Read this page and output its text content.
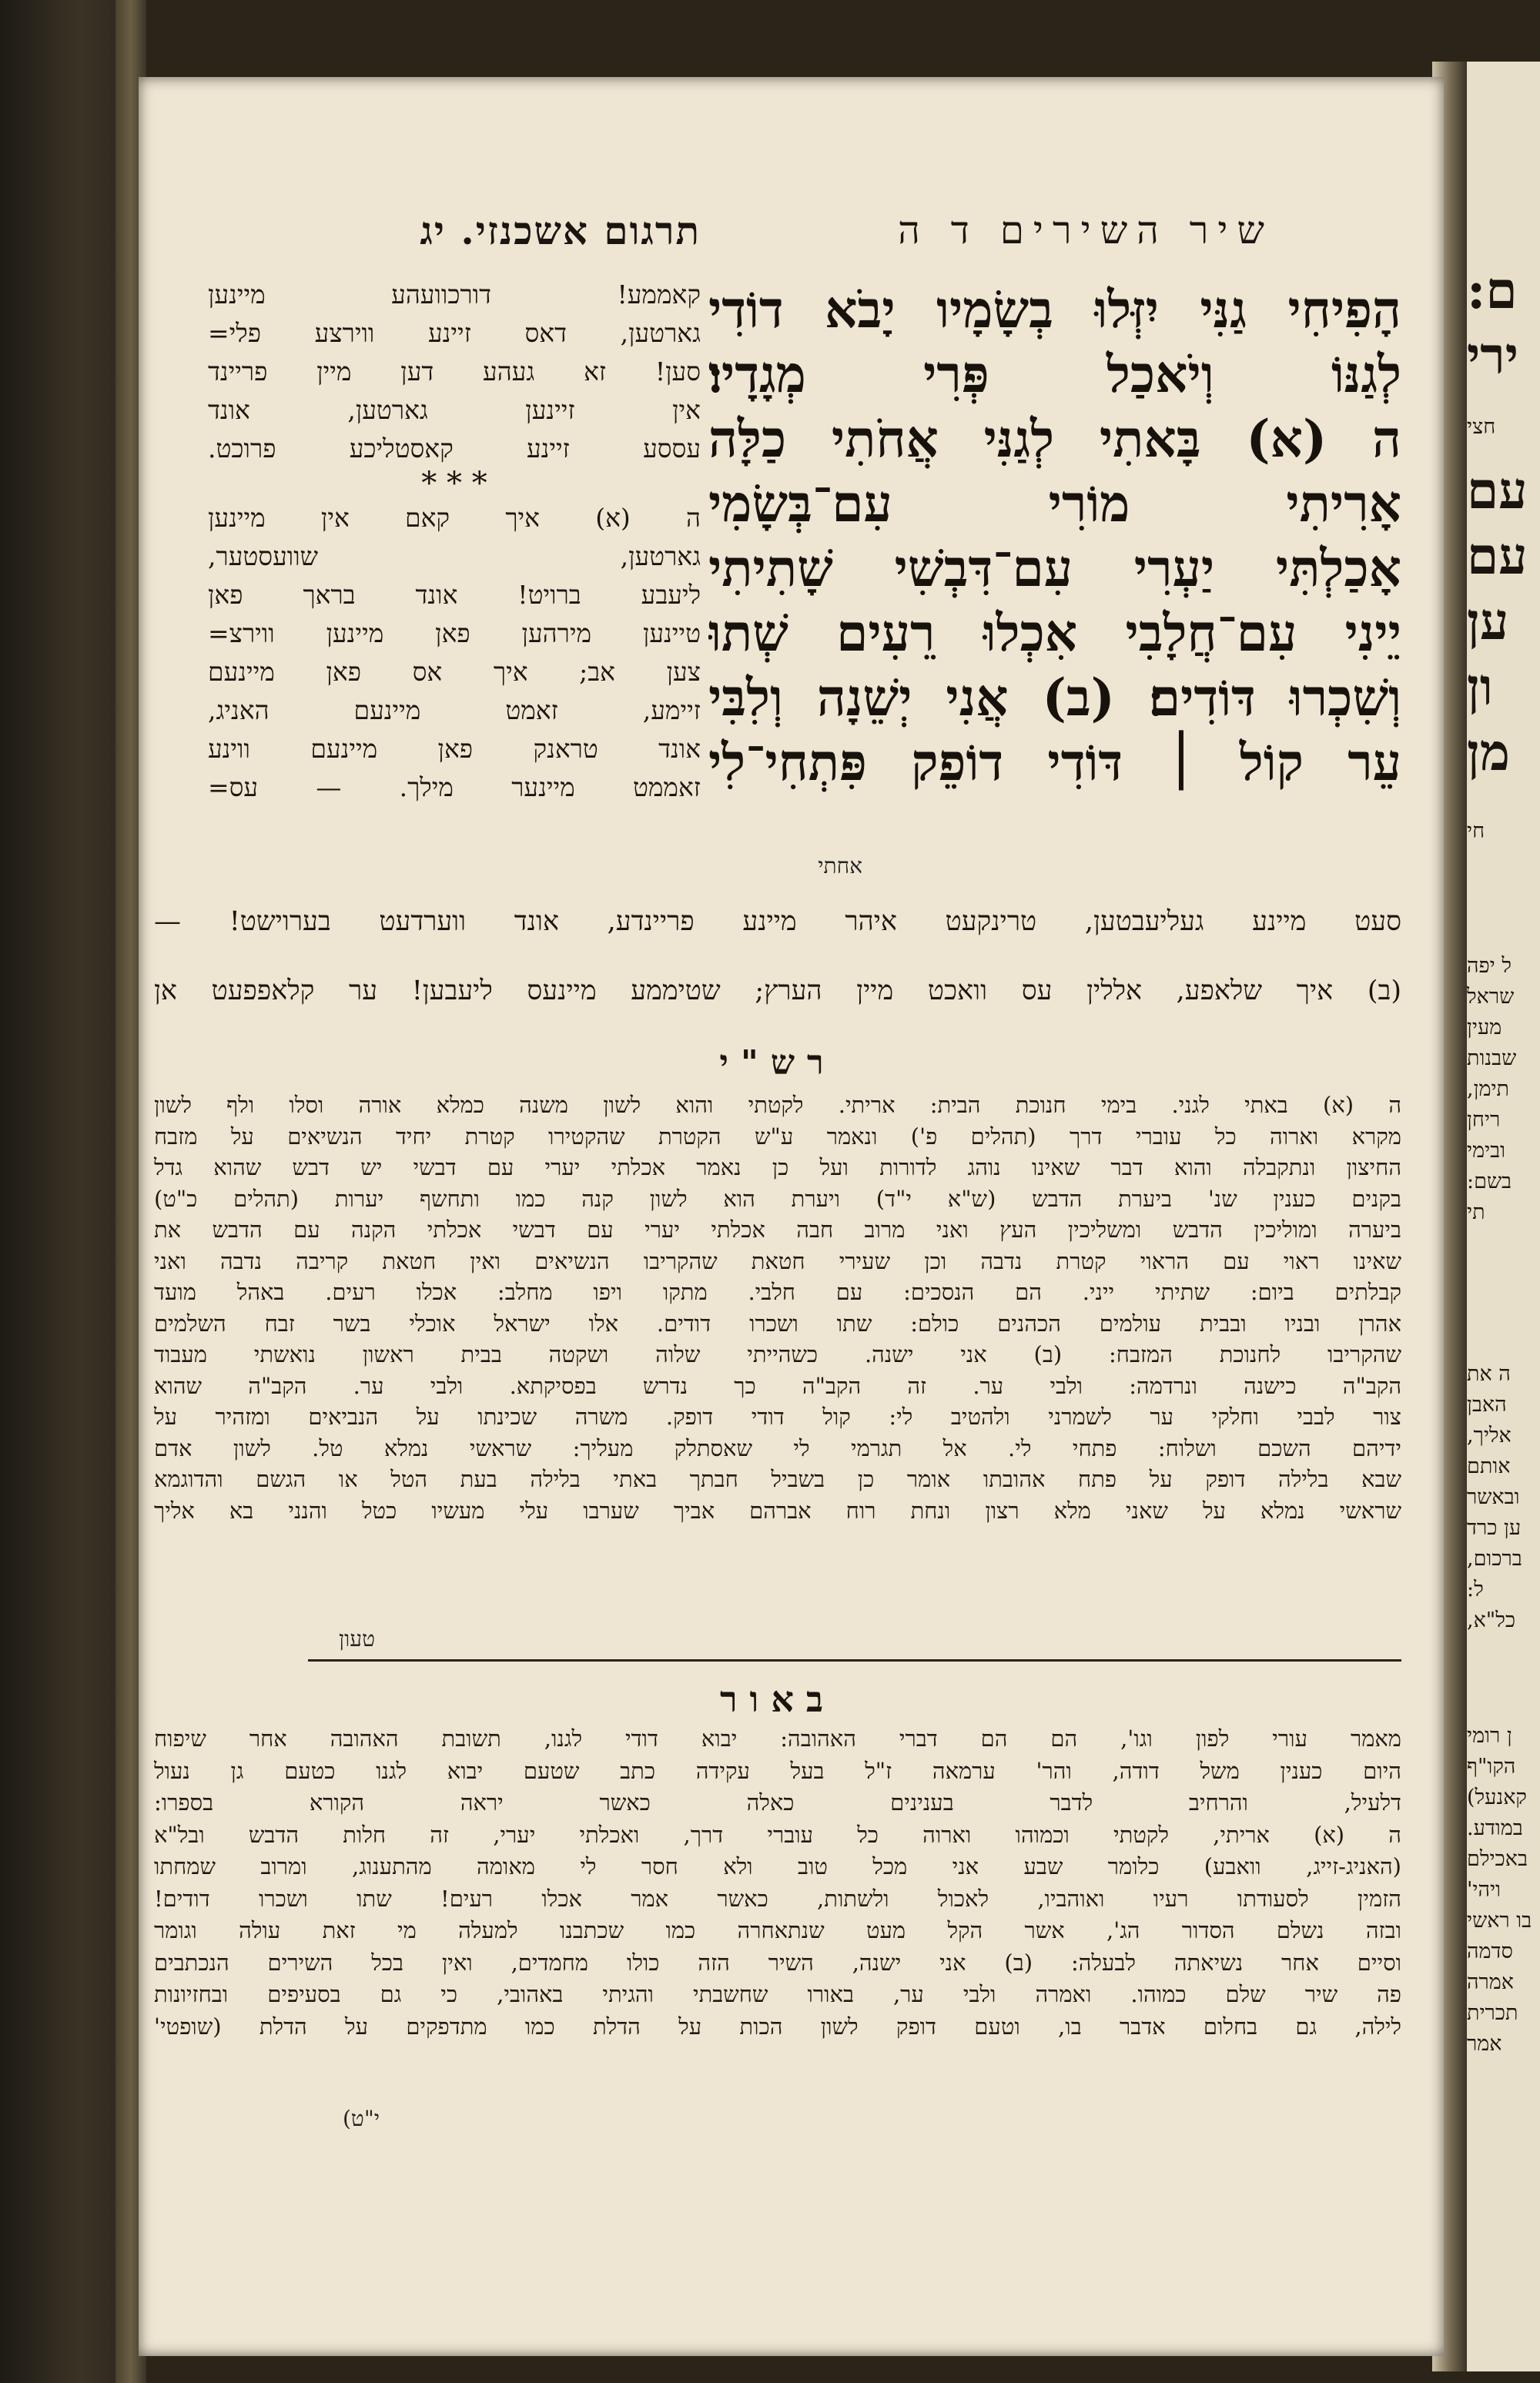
תרגום אשכנזי. יג	שיר השירים ד ה
הָפִיחִי גַנִּי יִזְּלוּ בְשָׂמָיו יָבֹא דוֹדִי
לְגַנּוֹ וְיֹאכַל פְּרִי מְגָדָיו׃
ה (א) בָּאתִי לְגַנִּי אֲחֹתִי כַלָּה
אָרִיתִי מוֹרִי עִם־בְּשָׂמִי
אָכַלְתִּי יַעְרִי עִם־דִּבְשִׁי שָׁתִיתִי
יֵינִי עִם־חֲלָבִי אִכְלוּ רֵעִים שְׁתוּ
וְשִׁכְרוּ דּוֹדִים׃ (ב) אֲנִי יְשֵׁנָה וְלִבִּי
עֵר קוֹל ׀ דּוֹדִי דוֹפֵק פִּתְחִי־לִי
אחתי
קאממע! דורכוועהע מיינען
גארטען, דאס זיינע ווירצע פלי=
סען! זא געהע דען מיין פריינד
אין זיינען גארטען, אונד
עססע זיינע קאסטליכע פרוכט.
* * *
ה (א) איך קאם אין מיינען
גארטען, שוועסטער,
ליעבע ברויט! אונד בראך פאן
טיינען מירהען פאן מיינען ווירצ=
צען אב; איך אס פאן מיינעם
זיימע, זאמט מיינעם האניג,
אונד טראנק פאן מיינעם ווינע
זאממט מיינער מילך. — עס=
סעט מיינע געליעבטען, טרינקעט איהר מיינע פריינדע, אונד ווערדעט בערוישט! —
(ב) איך שלאפע, אללין עס וואכט מיין הערץ; שטיממע מיינעס ליעבען! ער קלאפפעט אן
רש"י
ה (א) באתי לגני. בימי חנוכת הבית: אריתי. לקטתי והוא לשון משנה כמלא אורה וסלו ולף לשון
מקרא וארוה כל עוברי דרך (תהלים פ') ונאמר ע"ש הקטרת שהקטירו קטרת יחיד הנשיאים על מזבח
החיצון ונתקבלה והוא דבר שאינו נוהג לדורות ועל כן נאמר אכלתי יערי עם דבשי יש דבש שהוא גדל
בקנים כענין שנ' ביערת הדבש (ש"א י"ד) ויערת הוא לשון קנה כמו ותחשף יערות (תהלים כ"ט)
ביערה ומוליכין הדבש ומשליכין העץ ואני מרוב חבה אכלתי יערי עם דבשי אכלתי הקנה עם הדבש את
שאינו ראוי עם הראוי קטרת נדבה וכן שעירי חטאת שהקריבו הנשיאים ואין חטאת קריבה נדבה ואני
קבלתים ביום: שתיתי ייני. הם הנסכים: עם חלבי. מתקו ויפו מחלב: אכלו רעים. באהל מועד
אהרן ובניו ובבית עולמים הכהנים כולם: שתו ושכרו דודים. אלו ישראל אוכלי בשר זבח השלמים
שהקריבו לחנוכת המזבח: (ב) אני ישנה. כשהייתי שלוה ושקטה בבית ראשון נואשתי מעבוד
הקב"ה כישנה ונרדמה: ולבי ער. זה הקב"ה כך נדרש בפסיקתא. ולבי ער. הקב"ה שהוא
צור לבבי וחלקי ער לשמרני ולהטיב לי: קול דודי דופק. משרה שכינתו על הנביאים ומזהיר על
ידיהם השכם ושלוח: פתחי לי. אל תגרמי לי שאסתלק מעליך: שראשי נמלא טל. לשון אדם
שבא בלילה דופק על פתח אהובתו אומר כן בשביל חבתך באתי בלילה בעת הטל או הגשם והדוגמא
שראשי נמלא על שאני מלא רצון ונחת רוח אברהם אביך שערבו עלי מעשיו כטל והנני בא אליך
טעון
באור
מאמר עורי לפון וגו', הם הם דברי האהובה: יבוא דודי לגנו, תשובת האהובה אחר שיפוח
היום כענין משל דודה, והר' ערמאה ז"ל בעל עקידה כתב שטעם יבוא לגנו כטעם גן נעול
דלעיל, והרחיב לדבר בענינים כאלה כאשר יראה הקורא בספרו:
ה (א) אריתי, לקטתי וכמוהו וארוה כל עוברי דרך, ואכלתי יערי, זה חלות הדבש ובל"א
(האניג-זייג, וואבע) כלומר שבע אני מכל טוב ולא חסר לי מאומה מהתענוג, ומרוב שמחתו
הזמין לסעודתו רעיו ואוהביו, לאכול ולשתות, כאשר אמר אכלו רעים! שתו ושכרו דודים!
ובזה נשלם הסדור הג', אשר הקל מעט שנתאחרה כמו שכתבנו למעלה מי זאת עולה וגומר
וסיים אחר נשיאתה לבעלה: (ב) אני ישנה, השיר הזה כולו מחמדים, ואין בכל השירים הנכתבים
פה שיר שלם כמוהו. ואמרה ולבי ער, באורו שחשבתי והגיתי באהובי, כי גם בסעיפים ובחזיונות
לילה, גם בחלום אדבר בו, וטעם דופק לשון הכות על הדלת כמו מתדפקים על הדלת (שופטי'
י"ט)
ם:
ירי
חצי
עם
עם
ען
ון
מן
חי
ל יפה
שראל
מעין
שבנות
תימן,
ריחן
ובימי
בשם:
תי
ה את
האבן
אליך,
אותם
ובאשר
ען כרד
ברכום,
ל:
כל"א,
ן רומי
הקו"ף
קאנעל)
במודע.
באכילם
ויהי'
בו ראשי
סדמה
אמרה
תכרית
אמר
